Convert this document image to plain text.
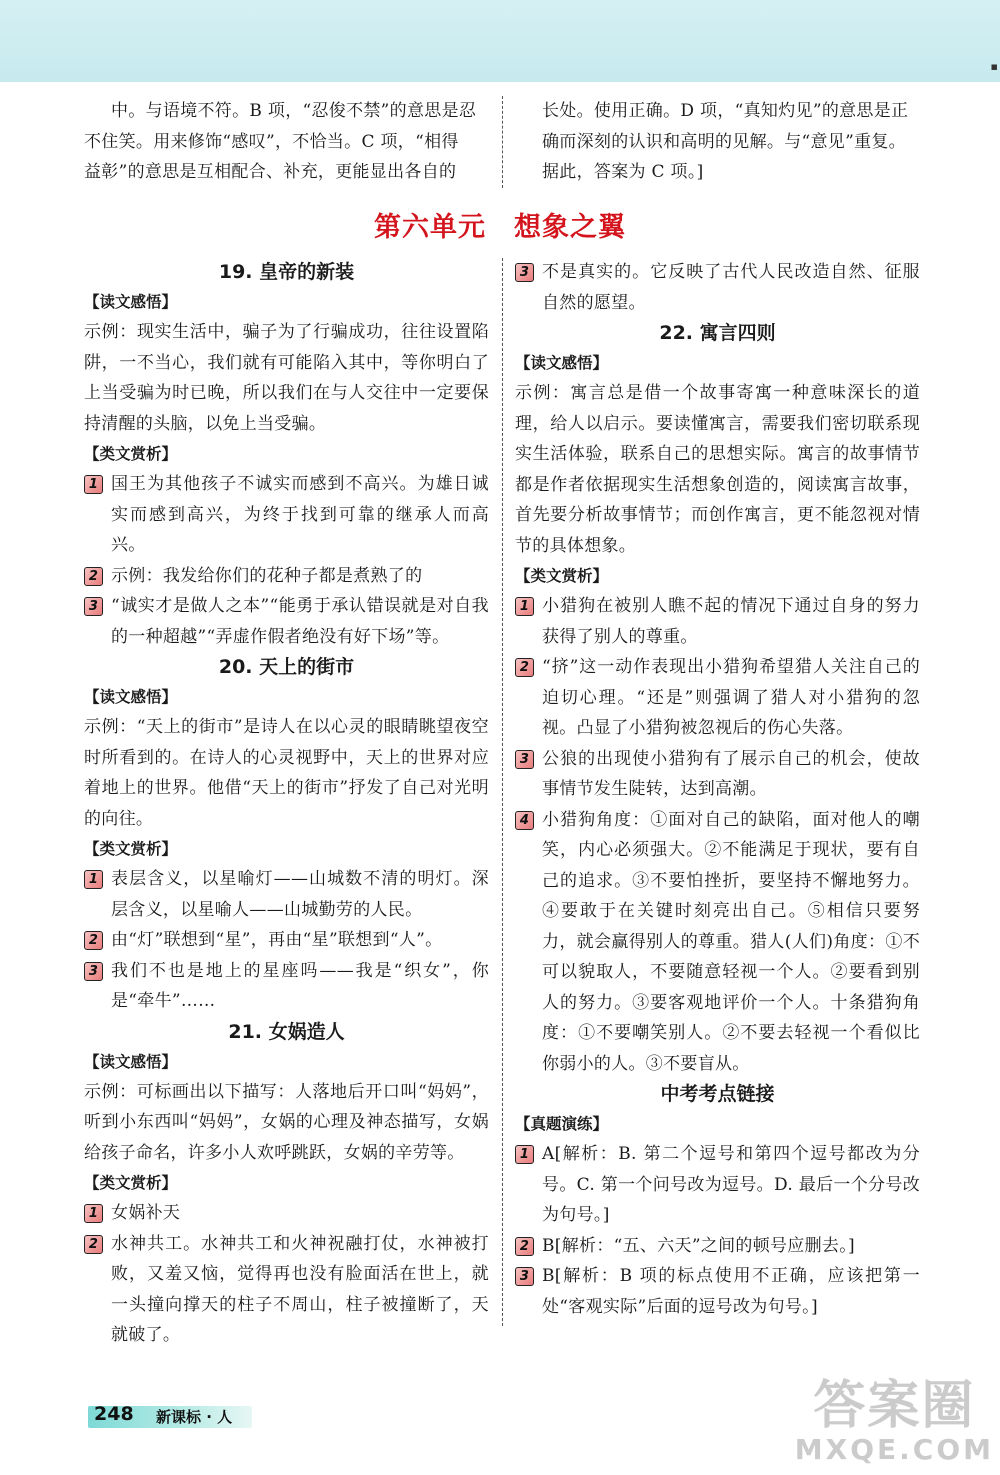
▪

中。与语境不符。B 项，“忍俊不禁”的意思是忍

不住笑。用来修饰“感叹”，不恰当。C 项，“相得

益彰”的意思是互相配合、补充，更能显出各自的

长处。使用正确。D 项，“真知灼见”的意思是正

确而深刻的认识和高明的见解。与“意见”重复。

据此，答案为 C 项。]

第六单元 想象之翼

19. 皇帝的新装

【读文感悟】

示例：现实生活中，骗子为了行骗成功，往往设置陷阱，一不当心，我们就有可能陷入其中，等你明白了上当受骗为时已晚，所以我们在与人交往中一定要保持清醒的头脑，以免上当受骗。

【类文赏析】

1 国王为其他孩子不诚实而感到不高兴。为雄日诚实而感到高兴，为终于找到可靠的继承人而高兴。
2 示例：我发给你们的花种子都是煮熟了的
3 “诚实才是做人之本”“能勇于承认错误就是对自我的一种超越”“弄虚作假者绝没有好下场”等。

20. 天上的街市

【读文感悟】

示例：“天上的街市”是诗人在以心灵的眼睛眺望夜空时所看到的。在诗人的心灵视野中，天上的世界对应着地上的世界。他借“天上的街市”抒发了自己对光明的向往。

【类文赏析】

1 表层含义，以星喻灯——山城数不清的明灯。深层含义，以星喻人——山城勤劳的人民。
2 由“灯”联想到“星”，再由“星”联想到“人”。
3 我们不也是地上的星座吗——我是“织女”，你是“牵牛”……

21. 女娲造人

【读文感悟】

示例：可标画出以下描写：人落地后开口叫“妈妈”，听到小东西叫“妈妈”，女娲的心理及神态描写，女娲给孩子命名，许多小人欢呼跳跃，女娲的辛劳等。

【类文赏析】

1 女娲补天
2 水神共工。水神共工和火神祝融打仗，水神被打败，又羞又恼，觉得再也没有脸面活在世上，就一头撞向撑天的柱子不周山，柱子被撞断了，天就破了。
3 不是真实的。它反映了古代人民改造自然、征服自然的愿望。

22. 寓言四则

【读文感悟】

示例：寓言总是借一个故事寄寓一种意味深长的道理，给人以启示。要读懂寓言，需要我们密切联系现实生活体验，联系自己的思想实际。寓言的故事情节都是作者依据现实生活想象创造的，阅读寓言故事，首先要分析故事情节；而创作寓言，更不能忽视对情节的具体想象。

【类文赏析】

1 小猎狗在被别人瞧不起的情况下通过自身的努力获得了别人的尊重。
2 “挤”这一动作表现出小猎狗希望猎人关注自己的迫切心理。“还是”则强调了猎人对小猎狗的忽视。凸显了小猎狗被忽视后的伤心失落。
3 公狼的出现使小猎狗有了展示自己的机会，使故事情节发生陡转，达到高潮。
4 小猎狗角度：①面对自己的缺陷，面对他人的嘲笑，内心必须强大。②不能满足于现状，要有自己的追求。③不要怕挫折，要坚持不懈地努力。④要敢于在关键时刻亮出自己。⑤相信只要努力，就会赢得别人的尊重。猎人(人们)角度：①不可以貌取人，不要随意轻视一个人。②要看到别人的努力。③要客观地评价一个人。十条猎狗角度：①不要嘲笑别人。②不要去轻视一个看似比你弱小的人。③不要盲从。

中考考点链接

【真题演练】

1 A[解析：B. 第二个逗号和第四个逗号都改为分号。C. 第一个问号改为逗号。D. 最后一个分号改为句号。]
2 B[解析：“五、六天”之间的顿号应删去。]
3 B[解析：B 项的标点使用不正确，应该把第一处“客观实际”后面的逗号改为句号。]
248 新课标 · 人	答案圈
MXQE.COM
